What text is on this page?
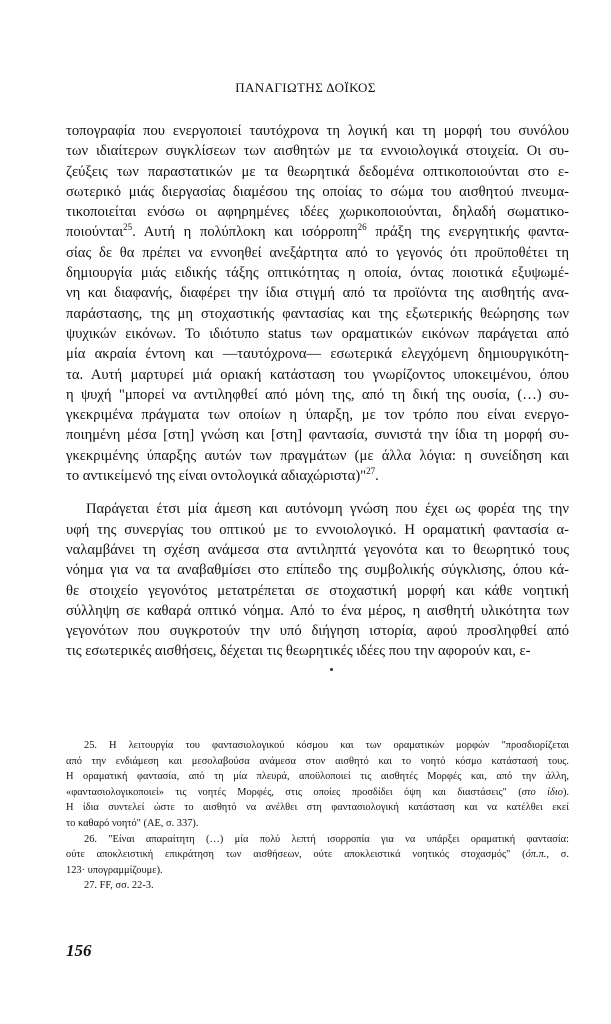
ΠΑΝΑΓΙΩΤΗΣ ΔΟΪΚΟΣ
τοπογραφία που ενεργοποιεί ταυτόχρονα τη λογική και τη μορφή του συνόλου
των ιδιαίτερων συγκλίσεων των αισθητών με τα εννοιολογικά στοιχεία. Οι συ-
ζεύξεις των παραστατικών με τα θεωρητικά δεδομένα οπτικοποιούνται στο ε-
σωτερικό μιάς διεργασίας διαμέσου της οποίας το σώμα του αισθητού πνευμα-
τικοποιείται ενόσω οι αφηρημένες ιδέες χωρικοποιούνται, δηλαδή σωματικο-
ποιούνται$^{25}$. Αυτή η πολύπλοκη και ισόρροπη$^{26}$ πράξη της ενεργητικής φαντα-
σίας δε θα πρέπει να εννοηθεί ανεξάρτητα από το γεγονός ότι προϋποθέτει τη
δημιουργία μιάς ειδικής τάξης οπτικότητας η οποία, όντας ποιοτικά εξυψωμέ-
νη και διαφανής, διαφέρει την ίδια στιγμή από τα προϊόντα της αισθητής ανα-
παράστασης, της μη στοχαστικής φαντασίας και της εξωτερικής θεώρησης των
ψυχικών εικόνων. Το ιδιότυπο status των οραματικών εικόνων παράγεται από
μία ακραία έντονη και —ταυτόχρονα— εσωτερικά ελεγχόμενη δημιουργικότη-
τα. Αυτή μαρτυρεί μιά οριακή κατάσταση του γνωρίζοντος υποκειμένου, όπου
η ψυχή "μπορεί να αντιληφθεί από μόνη της, από τη δική της ουσία, (…) συ-
γκεκριμένα πράγματα των οποίων η ύπαρξη, με τον τρόπο που είναι ενεργο-
ποιημένη μέσα [στη] γνώση και [στη] φαντασία, συνιστά την ίδια τη μορφή συ-
γκεκριμένης ύπαρξης αυτών των πραγμάτων (με άλλα λόγια: η συνείδηση και
το αντικείμενό της είναι οντολογικά αδιαχώριστα)"$^{27}$.
Παράγεται έτσι μία άμεση και αυτόνομη γνώση που έχει ως φορέα της την
υφή της συνεργίας του οπτικού με το εννοιολογικό. Η οραματική φαντασία α-
ναλαμβάνει τη σχέση ανάμεσα στα αντιληπτά γεγονότα και το θεωρητικό τους
νόημα για να τα αναβαθμίσει στο επίπεδο της συμβολικής σύγκλισης, όπου κά-
θε στοιχείο γεγονότος μετατρέπεται σε στοχαστική μορφή και κάθε νοητική
σύλληψη σε καθαρά οπτικό νόημα. Από το ένα μέρος, η αισθητή υλικότητα των
γεγονότων που συγκροτούν την υπό διήγηση ιστορία, αφού προσληφθεί από
τις εσωτερικές αισθήσεις, δέχεται τις θεωρητικές ιδέες που την αφορούν και, ε-
25. Η λειτουργία του φαντασιολογικού κόσμου και των οραματικών μορφών "προσδιορίζεται
από την ενδιάμεση και μεσολαβούσα ανάμεσα στον αισθητό και το νοητό κόσμο κατάστασή τους.
Η οραματική φαντασία, από τη μία πλευρά, αποϋλοποιεί τις αισθητές Μορφές και, από την άλλη,
«φαντασιολογικοποιεί» τις νοητές Μορφές, στις οποίες προσδίδει όψη και διαστάσεις" (στο ίδιο).
Η ίδια συντελεί ώστε το αισθητό να ανέλθει στη φαντασιολογική κατάσταση και να κατέλθει εκεί
το καθαρό νοητό" (ΑΕ, σ. 337).
26. "Είναι απαραίτητη (…) μία πολύ λεπτή ισορροπία για να υπάρξει οραματική φαντασία:
ούτε αποκλειστική επικράτηση των αισθήσεων, ούτε αποκλειστικά νοητικός στοχασμός" (όπ.π., σ.
123· υπογραμμίζουμε).
27. FF, σσ. 22-3.
156
